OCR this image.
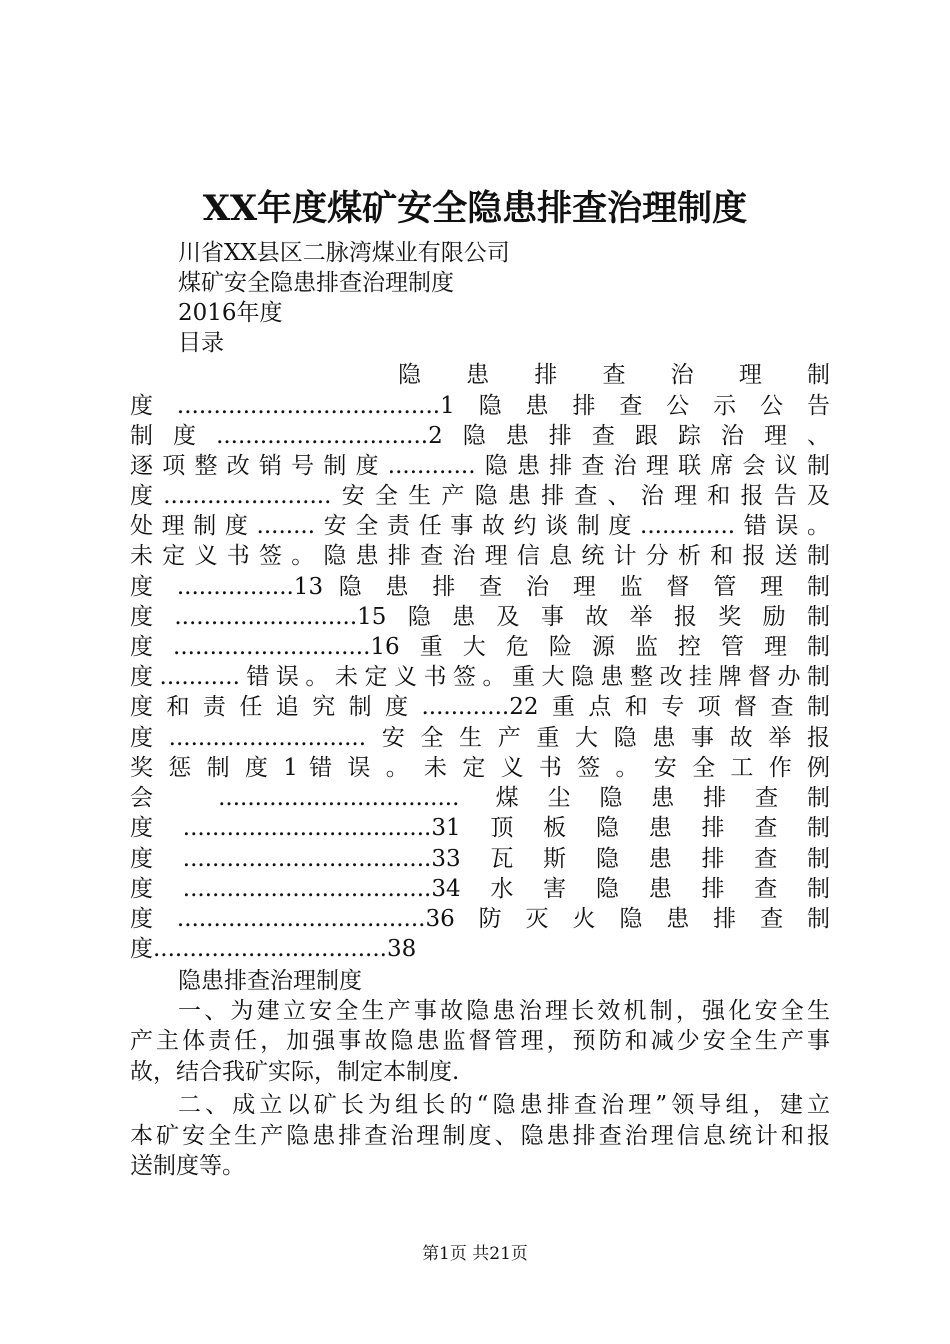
XX年度煤矿安全隐患排查治理制度
川省XX县区二脉湾煤业有限公司
煤矿安全隐患排查治理制度
2016年度
目录
隐　患　排　查　治　理　制
度....................................1隐患排查公示公告
制度.............................2隐患排查跟踪治理、
逐项整改销号制度............隐患排查治理联席会议制
度.......................安全生产隐患排查、治理和报告及
处理制度........安全责任事故约谈制度.............错误。
未定义书签。隐患排查治理信息统计分析和报送制
度 ................13 隐 患 排 查 治 理 监 督 管 理 制
度.........................15隐患及事故举报奖励制
度...........................16重大危险源监控管理制
度...........错误。未定义书签。重大隐患整改挂牌督办制
度和责任追究制度............22重点和专项督查制
度...........................安全生产重大隐患事故举报
奖 惩 制 度 1 错 误 。 未 定 义 书 签 。 安 全 工 作 例
会 ................................. 煤尘隐患排查制
度..................................31顶板隐患排查制
度..................................33瓦斯隐患排查制
度..................................34水害隐患排查制
度..................................36防灭火隐患排查制
度................................38
隐患排查治理制度
一、为建立安全生产事故隐患治理长效机制，强化安全生
产主体责任，加强事故隐患监督管理，预防和减少安全生产事
故，结合我矿实际，制定本制度.
二、成立以矿长为组长的“隐患排查治理”领导组，建立
本矿安全生产隐患排查治理制度、隐患排查治理信息统计和报
送制度等。
第1页 共21页
